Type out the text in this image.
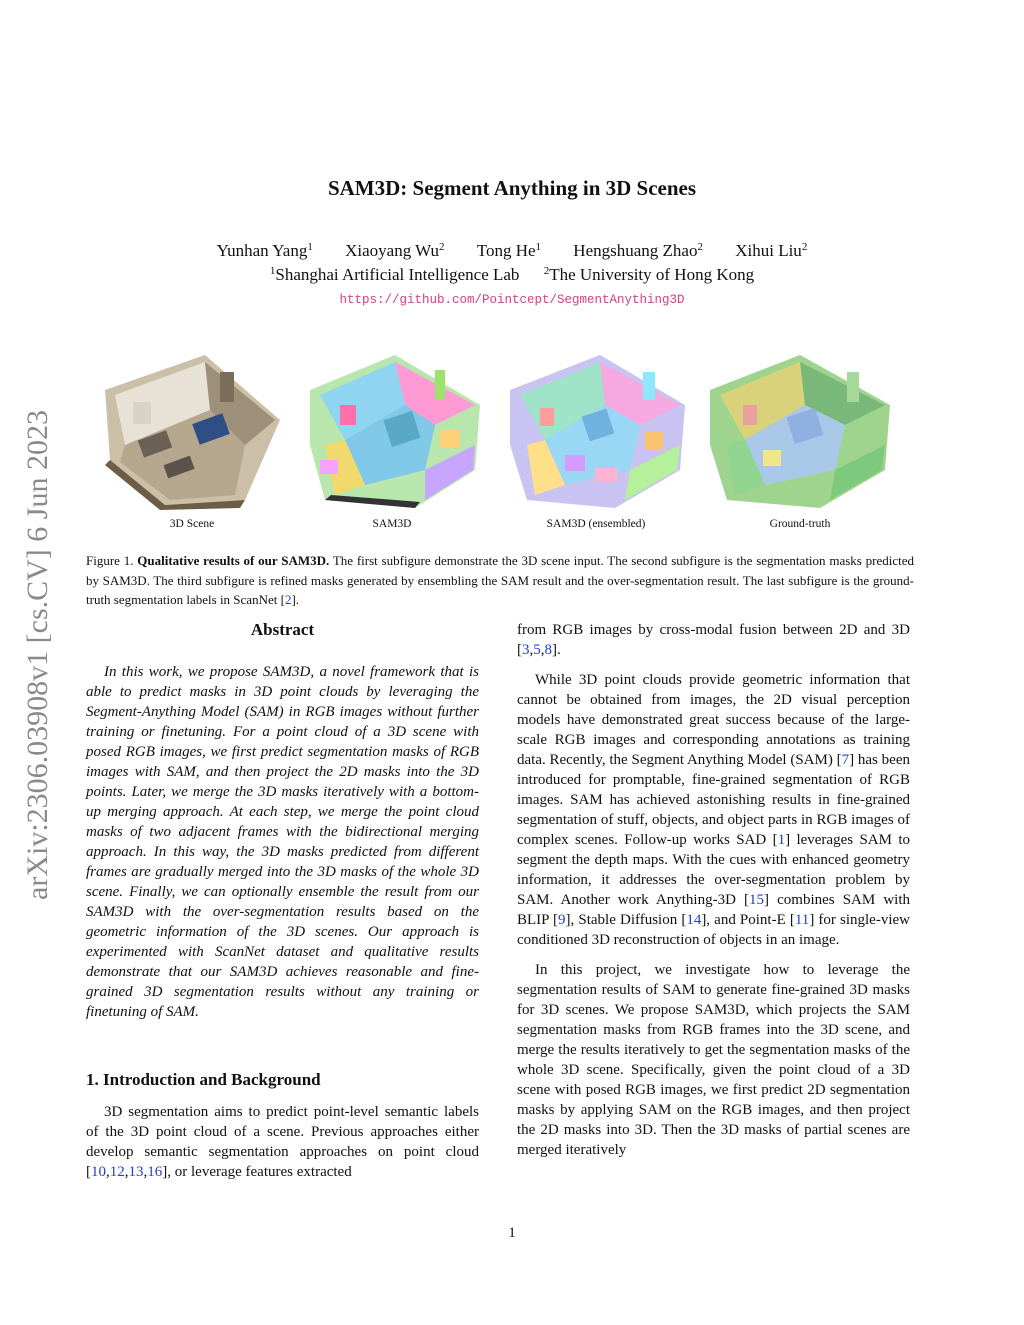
SAM3D: Segment Anything in 3D Scenes
Yunhan Yang$^1$ Xiaoyang Wu$^2$ Tong He$^1$ Hengshuang Zhao$^2$ Xihui Liu$^2$
$^1$Shanghai Artificial Intelligence Lab $^2$The University of Hong Kong
https://github.com/Pointcept/SegmentAnything3D
arXiv:2306.03908v1 [cs.CV] 6 Jun 2023	3D Scene	SAM3D	SAM3D (ensembled)	Ground-truth
Figure 1. Qualitative results of our SAM3D. The first subfigure demonstrate the 3D scene input. The second subfigure is the segmentation masks predicted by SAM3D. The third subfigure is refined masks generated by ensembling the SAM result and the over-segmentation result. The last subfigure is the ground-truth segmentation labels in ScanNet [2].
Abstract

In this work, we propose SAM3D, a novel framework that is able to predict masks in 3D point clouds by leveraging the Segment-Anything Model (SAM) in RGB images without further training or finetuning. For a point cloud of a 3D scene with posed RGB images, we first predict segmentation masks of RGB images with SAM, and then project the 2D masks into the 3D points. Later, we merge the 3D masks iteratively with a bottom-up merging approach. At each step, we merge the point cloud masks of two adjacent frames with the bidirectional merging approach. In this way, the 3D masks predicted from different frames are gradually merged into the 3D masks of the whole 3D scene. Finally, we can optionally ensemble the result from our SAM3D with the over-segmentation results based on the geometric information of the 3D scenes. Our approach is experimented with ScanNet dataset and qualitative results demonstrate that our SAM3D achieves reasonable and fine-grained 3D segmentation results without any training or finetuning of SAM.

1. Introduction and Background

3D segmentation aims to predict point-level semantic labels of the 3D point cloud of a scene. Previous approaches either develop semantic segmentation approaches on point cloud [10,12,13,16], or leverage features extracted

from RGB images by cross-modal fusion between 2D and 3D [3,5,8].

While 3D point clouds provide geometric information that cannot be obtained from images, the 2D visual perception models have demonstrated great success because of the large-scale RGB images and corresponding annotations as training data. Recently, the Segment Anything Model (SAM) [7] has been introduced for promptable, fine-grained segmentation of RGB images. SAM has achieved astonishing results in fine-grained segmentation of stuff, objects, and object parts in RGB images of complex scenes. Follow-up works SAD [1] leverages SAM to segment the depth maps. With the cues with enhanced geometry information, it addresses the over-segmentation problem by SAM. Another work Anything-3D [15] combines SAM with BLIP [9], Stable Diffusion [14], and Point-E [11] for single-view conditioned 3D reconstruction of objects in an image.

In this project, we investigate how to leverage the segmentation results of SAM to generate fine-grained 3D masks for 3D scenes. We propose SAM3D, which projects the SAM segmentation masks from RGB frames into the 3D scene, and merge the results iteratively to get the segmentation masks of the whole 3D scene. Specifically, given the point cloud of a 3D scene with posed RGB images, we first predict 2D segmentation masks by applying SAM on the RGB images, and then project the 2D masks into 3D. Then the 3D masks of partial scenes are merged iteratively

1
